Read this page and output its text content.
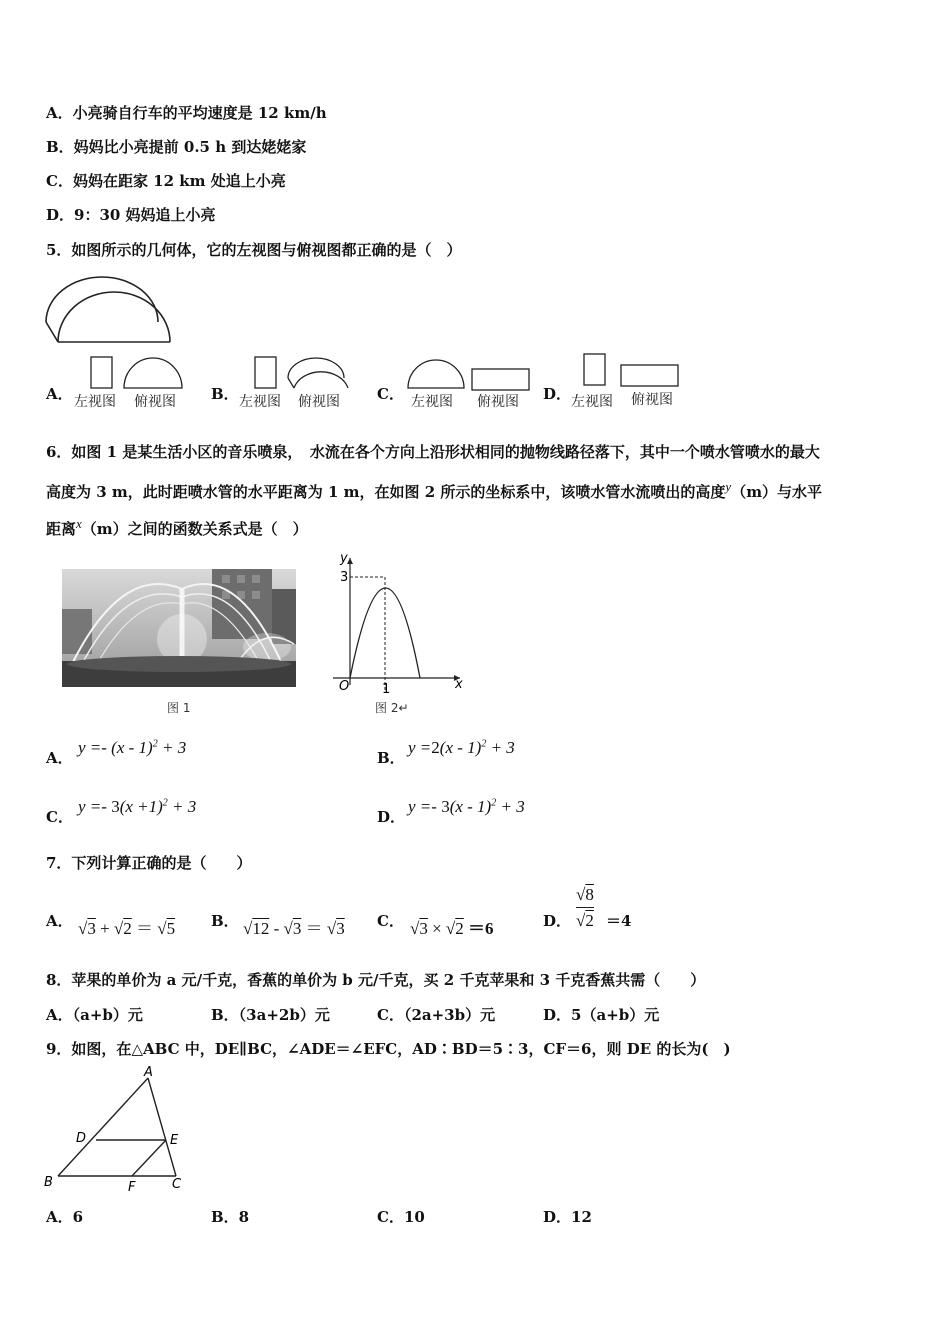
A．小亮骑自行车的平均速度是 12 km/h
B．妈妈比小亮提前 0.5 h 到达姥姥家
C．妈妈在距家 12 km 处追上小亮
D．9：30 妈妈追上小亮
5．如图所示的几何体，它的左视图与俯视图都正确的是（　）
A． 左视图 俯视图 B． 左视图 俯视图 C． 左视图 俯视图 D． 左视图 俯视图
6．如图 1 是某生活小区的音乐喷泉，　水流在各个方向上沿形状相同的抛物线路径落下，其中一个喷水管喷水的最大
高度为 3 m，此时距喷水管的水平距离为 1 m，在如图 2 所示的坐标系中，该喷水管水流喷出的高度$^y$（m）与水平
距离$^x$（m）之间的函数关系式是（　）
图 1
y
x
O
3
1
图 2↵
A．
y =- (x - 1)$^2$ + 3
B．
y =2(x - 1)$^2$ + 3
C．
$y =- 3(x +1)^2 + 3$
D．
y =- 3(x - 1)$^2$ + 3
7．下列计算正确的是（　　）
A． √3 + √2 ＝ √5 B． √12 - √3 ＝ √3 C． √3 × √2 ＝6	D．
√8
√2 ＝4
8．苹果的单价为 a 元/千克，香蕉的单价为 b 元/千克，买 2 千克苹果和 3 千克香蕉共需（　　）
A．（a+b）元	B．（3a+2b）元	C．（2a+3b）元	D．5（a+b）元
9．如图，在△ABC 中，DE∥BC，∠ADE＝∠EFC，AD∶BD＝5∶3，CF＝6，则 DE 的长为(　)
A
D	E
B	F	C
A．6	B．8	C．10	D．12
